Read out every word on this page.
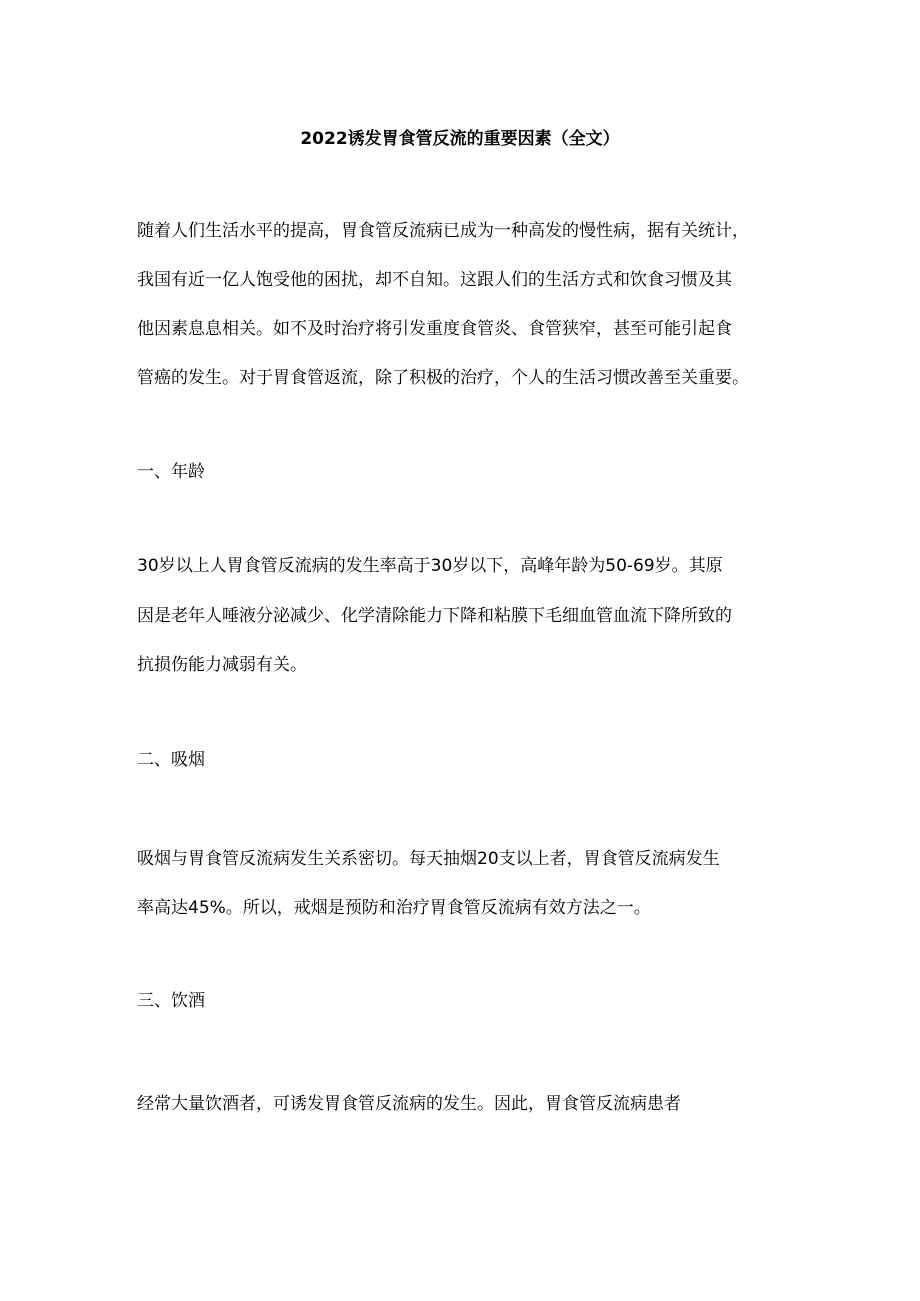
2022诱发胃食管反流的重要因素（全文）
随着人们生活水平的提高，胃食管反流病已成为一种高发的慢性病，据有关统计，
我国有近一亿人饱受他的困扰，却不自知。这跟人们的生活方式和饮食习惯及其
他因素息息相关。如不及时治疗将引发重度食管炎、食管狭窄，甚至可能引起食
管癌的发生。对于胃食管返流，除了积极的治疗，个人的生活习惯改善至关重要。
一、年龄
30岁以上人胃食管反流病的发生率高于30岁以下，高峰年龄为50-69岁。其原
因是老年人唾液分泌减少、化学清除能力下降和粘膜下毛细血管血流下降所致的
抗损伤能力减弱有关。
二、吸烟
吸烟与胃食管反流病发生关系密切。每天抽烟20支以上者，胃食管反流病发生
率高达45%。所以，戒烟是预防和治疗胃食管反流病有效方法之一。
三、饮酒
经常大量饮酒者，可诱发胃食管反流病的发生。因此，胃食管反流病患者
